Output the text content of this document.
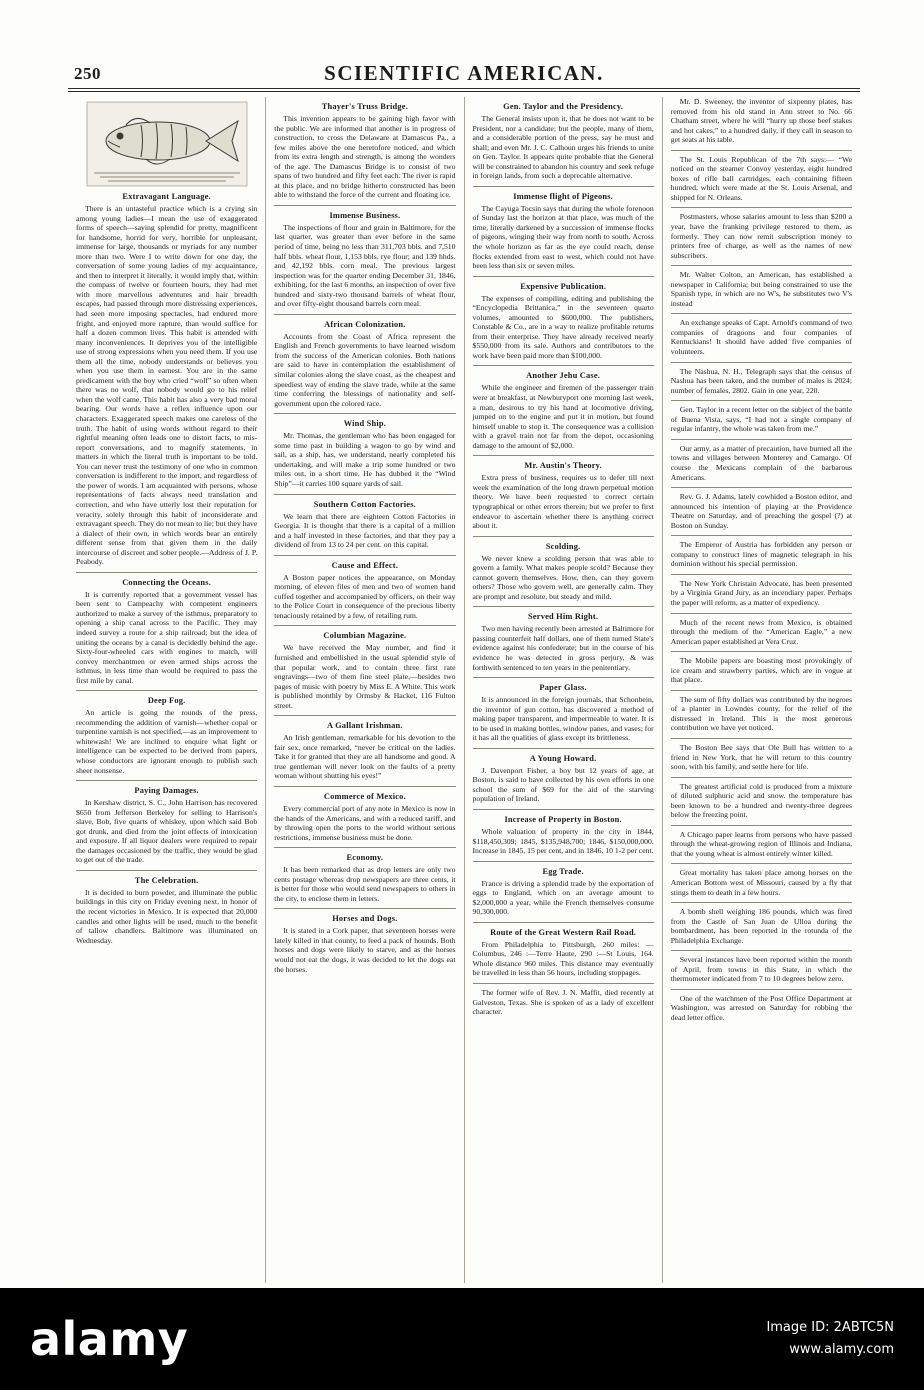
250	SCIENTIFIC AMERICAN.
Extravagant Language.
There is an untasteful practice which is a crying sin among young ladies—I mean the use of exaggerated forms of speech—saying splendid for pretty, magnificent for handsome, horrid for very, horrible for unpleasant, immense for large, thousands or myriads for any number more than two. Were I to write down for one day, the conversation of some young ladies of my acquaintance, and then to interpret it literally, it would imply that, within the compass of twelve or fourteen hours, they had met with more marvellous adventures and hair breadth escapes, had passed through more distressing experiences, had seen more imposing spectacles, had endured more fright, and enjoyed more rapture, than would suffice for half a dozen common lives. This habit is attended with many inconveniences. It deprives you of the intelligible use of strong expressions when you need them. If you use them all the time, nobody understands or believes you when you use them in earnest. You are in the same predicament with the boy who cried “wolf” so often when there was no wolf, that nobody would go to his relief when the wolf came. This habit has also a very bad moral bearing. Our words have a reflex influence upon our characters. Exaggerated speech makes one careless of the truth. The habit of using words without regard to their rightful meaning often leads one to distort facts, to mis-report conversations, and to magnify statements, in matters in which the literal truth is important to be told. You can never trust the testimony of one who in common conversation is indifferent to the import, and regardless of the power of words. I am acquainted with persons, whose representations of facts always need translation and correction, and who have utterly lost their reputation for veracity, solely through this habit of inconsiderate and extravagant speech. They do not mean to lie; but they have a dialect of their own, in which words bear an entirely different sense from that given them in the daily intercourse of discreet and sober people.—Address of J. P. Peabody.
Connecting the Oceans.
It is currently reported that a government vessel has been sent to Campeachy with competent engineers authorized to make a survey of the isthmus, preparatory to opening a ship canal across to the Pacific. They may indeed survey a route for a ship railroad; but the idea of uniting the oceans by a canal is decidedly behind the age. Sixty-four-wheeled cars with engines to match, will convey merchantmen or even armed ships across the isthmus, in less time than would be required to pass the first mile by canal.
Deep Fog.
An article is going the rounds of the press, recommending the addition of varnish—whether copal or turpentine varnish is not specified,—as an improvement to whitewash! We are inclined to enquire what light or intelligence can be expected to be derived from papers, whose conductors are ignorant enough to publish such sheer nonsense.
Paying Damages.
In Kershaw district, S. C., John Harrison has recovered $650 from Jefferson Berkeley for selling to Harrison's slave, Bob, five quarts of whiskey, upon which said Bob got drunk, and died from the joint effects of intoxication and exposure. If all liquor dealers were required to repair the damages occasioned by the traffic, they would be glad to get out of the trade.
The Celebration.
It is decided to burn powder, and illuminate the public buildings in this city on Friday evening next, in honor of the recent victories in Mexico. It is expected that 20,000 candles and other lights will be used, much to the benefit of tallow chandlers. Baltimore was illuminated on Wednesday.
Thayer's Truss Bridge.
This invention appears to be gaining high favor with the public. We are informed that another is in progress of construction, to cross the Delaware at Damascus Pa., a few miles above the one heretofore noticed, and which from its extra length and strength, is among the wonders of the age. The Damascus Bridge is to consist of two spans of two hundred and fifty feet each. The river is rapid at this place, and no bridge hitherto constructed has been able to withstand the force of the current and floating ice.
Immense Business.
The inspections of flour and grain in Baltimore, for the last quarter, was greater than ever before in the same period of time, being no less than 311,703 bbls. and 7,510 half bbls. wheat flour, 1,153 bbls. rye flour; and 139 hhds. and 42,192 bbls. corn meal. The previous largest inspection was for the quarter ending December 31, 1846, exhibiting, for the last 6 months, an inspection of over five hundred and sixty-two thousand barrels of wheat flour, and over fifty-eight thousand barrels corn meal.
African Colonization.
Accounts from the Coast of Africa represent the English and French governments to have learned wisdom from the success of the American colonies. Both nations are said to have in contemplation the establishment of similar colonies along the slave coast, as the cheapest and speediest way of ending the slave trade, while at the same time conferring the blessings of nationality and self-government upon the colored race.
Wind Ship.
Mr. Thomas, the gentleman who has been engaged for some time past in building a wagon to go by wind and sail, as a ship, has, we understand, nearly completed his undertaking, and will make a trip some hundred or two miles out, in a short time. He has dubbed it the “Wind Ship”—it carries 100 square yards of sail.
Southern Cotton Factories.
We learn that there are eighteen Cotton Factories in Georgia. It is thought that there is a capital of a million and a half invested in these factories, and that they pay a dividend of from 13 to 24 per cent. on this capital.
Cause and Effect.
A Boston paper notices the appearance, on Monday morning, of eleven files of men and two of women hand cuffed together and accompanied by officers, on their way to the Police Court in consequence of the precious liberty tenaciously retained by a few, of retailing rum.
Columbian Magazine.
We have received the May number, and find it furnished and embellished in the usual splendid style of that popular work, and to contain three first rate engravings—two of them fine steel plate,—besides two pages of music with poetry by Miss E. A White. This work is published monthly by Ormsby & Hacket, 116 Fulton street.
A Gallant Irishman.
An Irish gentleman, remarkable for his devotion to the fair sex, once remarked, “never be critical on the ladies. Take it for granted that they are all handsome and good. A true gentleman will never look on the faults of a pretty woman without shutting his eyes!”
Commerce of Mexico.
Every commercial port of any note in Mexico is now in the hands of the Americans, and with a reduced tariff, and by throwing open the ports to the world without serious restrictions, immense business must be done.
Economy.
It has been remarked that as drop letters are only two cents postage whereas drop newspapers are three cents, it is better for those who would send newspapers to others in the city, to enclose them in letters.
Horses and Dogs.
It is stated in a Cork paper, that seventeen horses were lately killed in that county, to feed a pack of hounds. Both horses and dogs were likely to starve, and as the horses would not eat the dogs, it was decided to let the dogs eat the horses.
Gen. Taylor and the Presidency.
The General insists upon it, that he does not want to be President, nor a candidate; but the people, many of them, and a considerable portion of the press, say he must and shall; and even Mr. J. C. Calhoun urges his friends to unite on Gen. Taylor. It appears quite probable that the General will be constrained to abandon his country and seek refuge in foreign lands, from such a deprecable alternative.
Immense flight of Pigeons.
The Cayuga Tocsin says that during the whole forenoon of Sunday last the horizon at that place, was much of the time, literally darkened by a succession of immense flocks of pigeons, winging their way from north to south. Across the whole horizon as far as the eye could reach, dense flocks extended from east to west, which could not have been less than six or seven miles.
Expensive Publication.
The expenses of compiling, editing and publishing the “Encyclopedia Brittanica,” in the seventeen quarto volumes, amounted to $600,000. The publishers, Constable & Co., are in a way to realize profitable returns from their enterprise. They have already received nearly $550,000 from its sale. Authors and contributors to the work have been paid more than $100,000.
Another Jehu Case.
While the engineer and firemen of the passenger train were at breakfast, at Newburyport one morning last week, a man, desirous to try his hand at locomotive driving, jumped on to the engine and put it in motion, but found himself unable to stop it. The consequence was a collision with a gravel train not far from the depot, occasioning damage to the amount of $2,000.
Mr. Austin's Theory.
Extra press of business, requires us to defer till next week the examination of the long drawn perpetual motion theory. We have been requested to correct certain typographical or other errors therein; but we prefer to first endeavor to ascertain whether there is anything correct about it.
Scolding.
We never knew a scolding person that was able to govern a family. What makes people scold? Because they cannot govern themselves. How, then, can they govern others? Those who govern well, are generally calm. They are prompt and resolute, but steady and mild.
Served Him Right.
Two men having recently been arrested at Baltimore for passing counterfeit half dollars, one of them turned State's evidence against his confederate; but in the course of his evidence he was detected in gross perjury, & was forthwith sentenced to ten years in the penitentiary.
Paper Glass.
It is announced in the foreign journals, that Schonbein, the inventor of gun cotton, has discovered a method of making paper transparent, and impermeable to water. It is to be used in making bottles, window panes, and vases; for it has all the qualities of glass except its brittleness.
A Young Howard.
J. Davenport Fisher, a boy but 12 years of age, at Boston, is said to have collected by his own efforts in one school the sum of $69 for the aid of the starving population of Ireland.
Increase of Property in Boston.
Whole valuation of property in the city in 1844, $118,450,309; 1845, $135,948,700; 1846, $150,000,000. Increase in 1845, 15 per cent, and in 1846, 10 1-2 per cent.
Egg Trade.
France is driving a splendid trade by the exportation of eggs to England, which on an average amount to $2,000,000 a year, while the French themselves consume 90,300,000.
Route of the Great Western Rail Road.
From Philadelphia to Pittsburgh, 260 miles: —Columbus, 246 :—Terre Haute, 290 :—St Louis, 164. Whole distance 960 miles. This distance may eventually be travelled in less than 56 hours, including stoppages.
The former wife of Rev. J. N. Maffit, died recently at Galveston, Texas. She is spoken of as a lady of excellent character.
Mr. D. Sweeney, the inventor of sixpenny plates, has removed from his old stand in Ann street to No. 66 Chatham street, where he will “hurry up those beef stakes and hot cakes,” to a hundred daily, if they call in season to get seats at his table.
The St. Louis Republican of the 7th says:— “We noticed on the steamer Convoy yesterday, eight hundred boxes of rifle ball cartridges, each containing fifteen hundred, which were made at the St. Louis Arsenal, and shipped for N. Orleans.
Postmasters, whose salaries amount to less than $200 a year, have the franking privilege restored to them, as formerly. They can now remit subscription money to printers free of charge, as well as the names of new subscribers.
Mr. Walter Colton, an American, has established a newspaper in California; but being constrained to use the Spanish type, in which are no W's, he substitutes two V's instead
An exchange speaks of Capt. Arnold's command of two companies of dragoons and four companies of Kentuckians! It should have added five companies of volunteers.
The Nashua, N. H., Telegraph says that the census of Nashua has been taken, and the number of males is 2024; number of females, 2802. Gain in one year, 220.
Gen. Taylor in a recent letter on the subject of the battle of Buena Vista, says, “I had not a single company of regular infantry, the whole was taken from me.”
Our army, as a matter of precaution, have burned all the towns and villages between Monterey and Camargo. Of course the Mexicans complain of the barbarous Americans.
Rev. G. J. Adams, lately cowhided a Boston editor, and announced his intention of playing at the Providence Theatre on Saturday, and of preaching the gospel (?) at Boston on Sunday.
The Emperor of Austria has forbidden any person or company to construct lines of magnetic telegraph in his dominion without his special permission.
The New York Christain Advocate, has been presented by a Virginia Grand Jury, as an incendiary paper. Perhaps the paper will reform, as a matter of expediency.
Much of the recent news from Mexico, is obtained through the medium of the “American Eagle,” a new American paper established at Vera Cruz.
The Mobile papers are boasting most provokingly of ice cream and strawberry parties, which are in vogue at that place.
The sum of fifty dollars was contributed by the negroes of a planter in Lowndes county, for the relief of the distressed in Ireland. This is the most generous contribution we have yet noticed.
The Boston Bee says that Ole Bull has written to a friend in New York, that he will return to this country soon, with his family, and settle here for life.
The greatest artificial cold is produced from a mixture of diluted sulphuric acid and snow. the temperature has been known to be a hundred and twenty-three degrees below the freezing point.
A Chicago paper learns from persons who have passed through the wheat-growing region of Illinois and Indiana, that the young wheat is almost entirely winter killed.
Great mortality has taken place among horses on the American Bottom west of Missouri, caused by a fly that stings them to death in a few hours.
A bomb shell weighing 186 pounds, which was fired from the Castle of San Juan de Ulloa during the bombardment, has been reported in the rotunda of the Philadelphia Exchange.
Several instances have been reported within the month of April, from towns in this State, in which the thermometer indicated from 7 to 10 degrees below zero.
One of the watchmen of the Post Office Department at Washington, was arrested on Saturday for robbing the dead letter office.
alamy	Image ID: 2ABTC5N
www.alamy.com
